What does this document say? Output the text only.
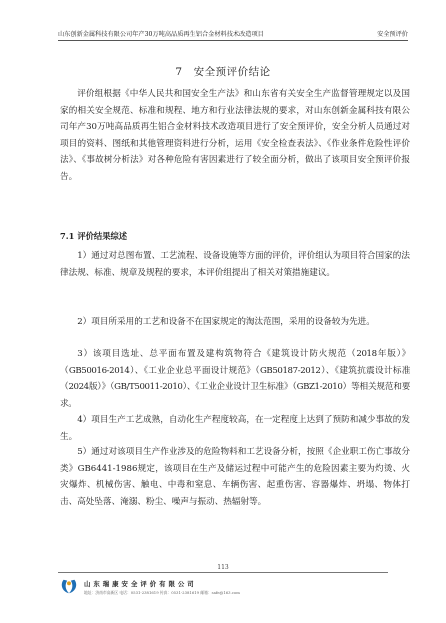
山东创新金属科技有限公司年产30万吨高品质再生铝合金材料技术改造项目	安全预评价
7　安全预评价结论

评价组根据《中华人民共和国安全生产法》和山东省有关安全生产监督管理规定以及国家的相关安全规范、标准和规程、地方和行业法律法规的要求，对山东创新金属科技有限公司年产30万吨高品质再生铝合金材料技术改造项目进行了安全预评价，安全分析人员通过对项目的资料、图纸和其他管理资料进行分析，运用《安全检查表法》、《作业条件危险性评价法》、《事故树分析法》对各种危险有害因素进行了较全面分析，做出了该项目安全预评价报告。

7.1 评价结果综述

1）通过对总图布置、工艺流程、设备设施等方面的评价，评价组认为项目符合国家的法律法规、标准、规章及规程的要求，本评价组提出了相关对策措施建议。

2）项目所采用的工艺和设备不在国家规定的淘汰范围，采用的设备较为先进。

3）该项目选址、总平面布置及建构筑物符合《建筑设计防火规范（2018年版）》（GB50016-2014）、《工业企业总平面设计规范》（GB50187-2012）、《建筑抗震设计标准（2024版）》（GB/T50011-2010）、《工业企业设计卫生标准》（GBZ1-2010）等相关规范和要求。

4）项目生产工艺成熟，自动化生产程度较高，在一定程度上达到了预防和减少事故的发生。

5）通过对该项目生产作业涉及的危险物料和工艺设备分析，按照《企业职工伤亡事故分类》GB6441-1986规定，该项目在生产及储运过程中可能产生的危险因素主要为灼烫、火灾爆炸、机械伤害、触电、中毒和窒息、车辆伤害、起重伤害、容器爆炸、坍塌、物体打击、高处坠落、淹溺、粉尘、噪声与振动、热辐射等。

113
山东瑞康安全评价有限公司
地址：济南市高新区 电话：0531-2381619 传真：0531-2381619 邮箱：safe@163.com
